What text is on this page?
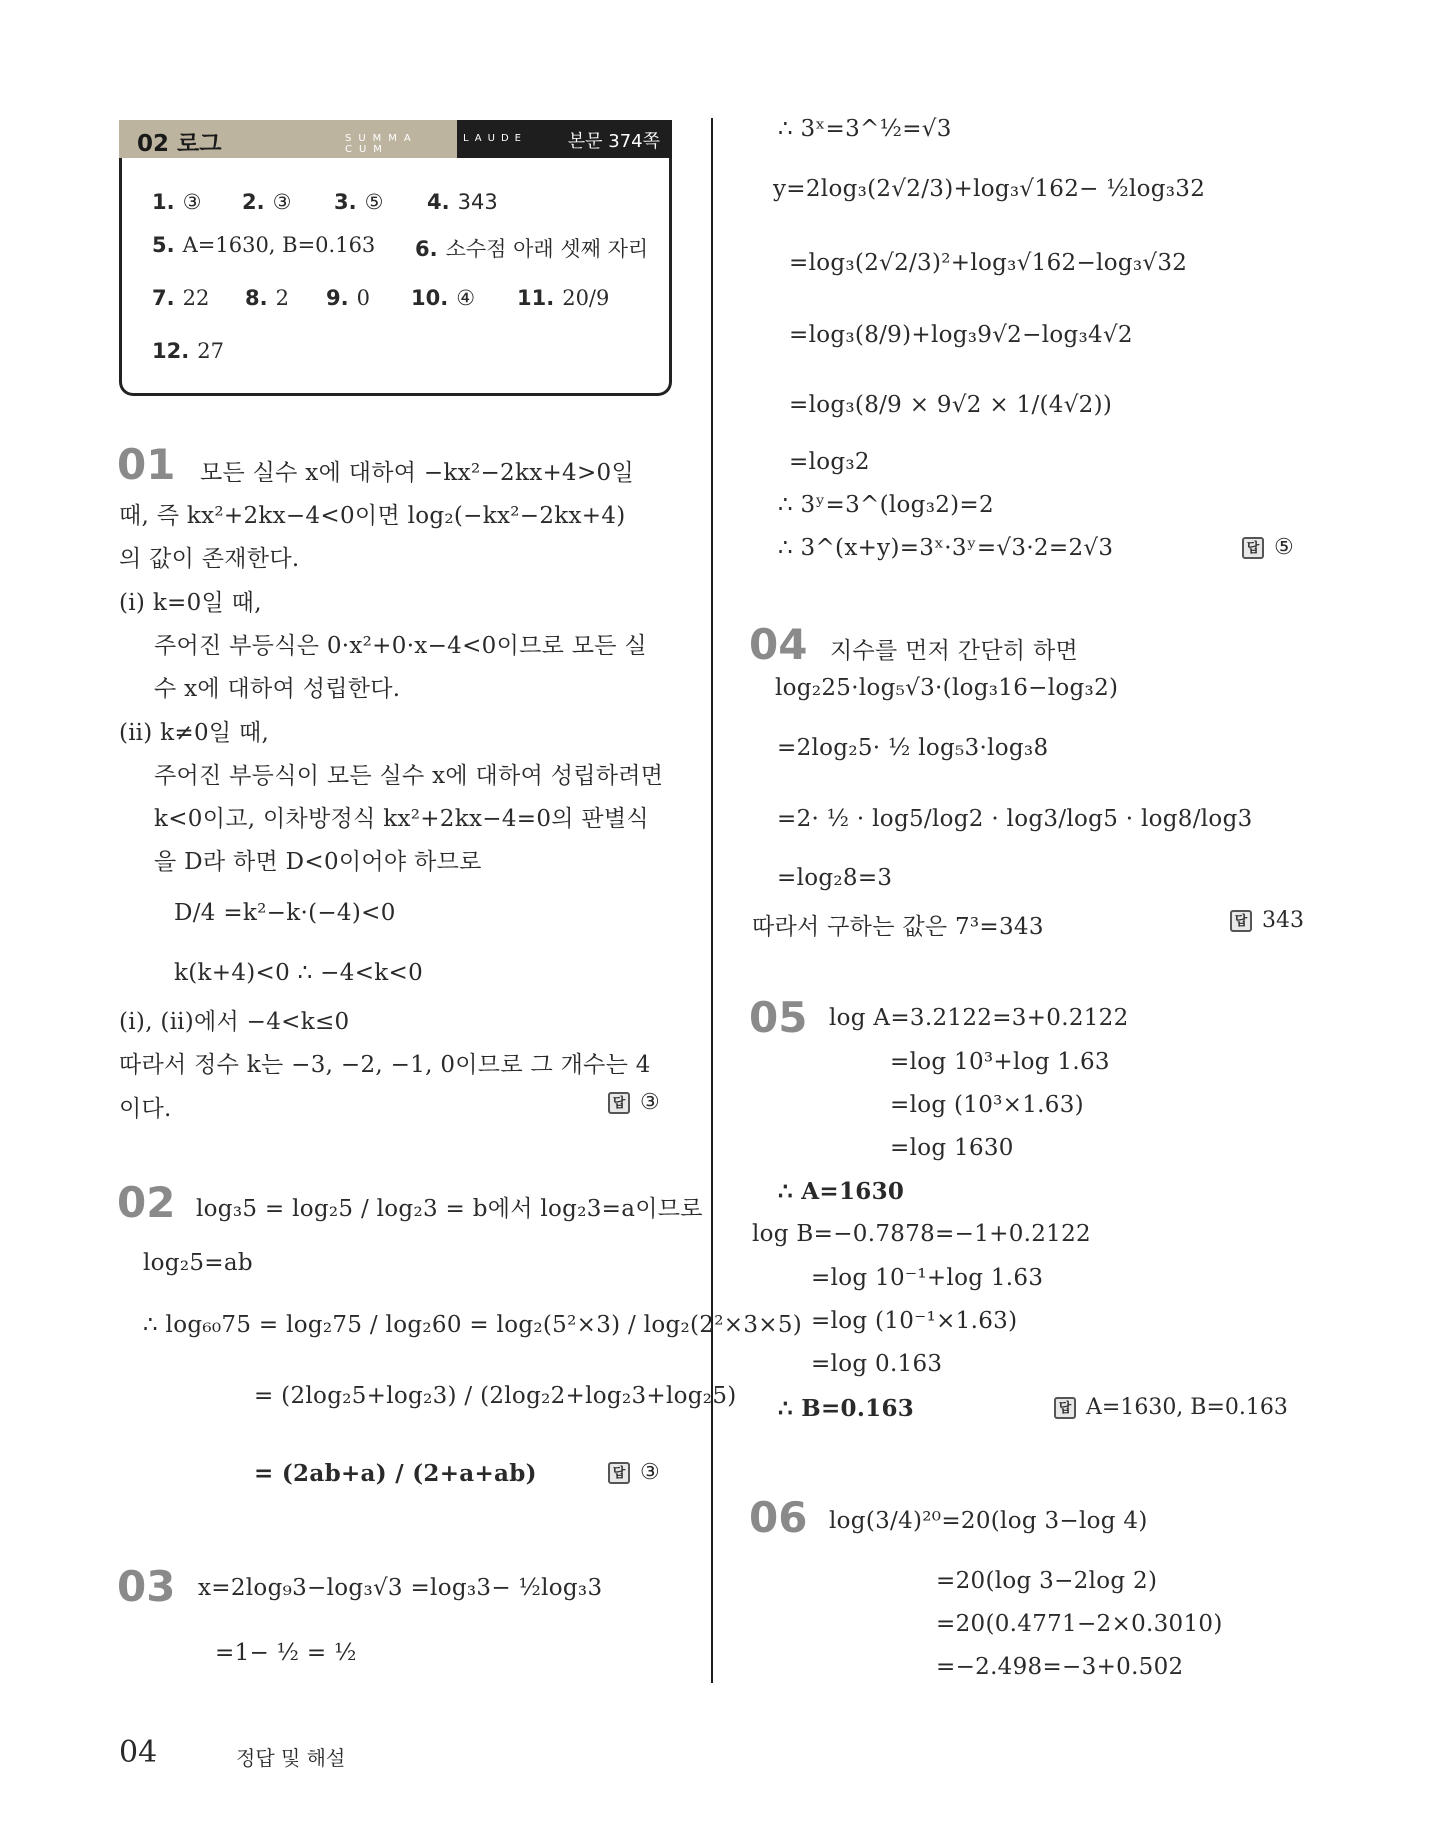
02 로그	SUMMA CUM
LAUDE 본문 374쪽
1. ③ 2. ③ 3. ⑤ 4. 343
5. A=1630, B=0.163 6. 소수점 아래 셋째 자리
7. 22 8. 2 9. 0 10. ④ 11. 20/9
12. 27
01 모든 실수 x에 대하여 −kx²−2kx+4>0일
때, 즉 kx²+2kx−4<0이면 log₂(−kx²−2kx+4)
의 값이 존재한다.
(ⅰ) k=0일 때,
주어진 부등식은 0·x²+0·x−4<0이므로 모든 실
수 x에 대하여 성립한다.
(ⅱ) k≠0일 때,
주어진 부등식이 모든 실수 x에 대하여 성립하려면
k<0이고, 이차방정식 kx²+2kx−4=0의 판별식
을 D라 하면 D<0이어야 하므로
D/4 =k²−k·(−4)<0
k(k+4)<0 ∴ −4<k<0
(ⅰ), (ⅱ)에서 −4<k≤0
따라서 정수 k는 −3, −2, −1, 0이므로 그 개수는 4
이다.	답 ③
02 log₃5 = log₂5 / log₂3 = b에서 log₂3=a이므로
log₂5=ab
∴ log₆₀75 = log₂75 / log₂60 = log₂(5²×3) / log₂(2²×3×5)
= (2log₂5+log₂3) / (2log₂2+log₂3+log₂5)
= (2ab+a) / (2+a+ab)	답 ③
03 x=2log₉3−log₃√3 =log₃3− ½log₃3
=1− ½ = ½
∴ 3ˣ=3^½=√3
y=2log₃(2√2/3)+log₃√162− ½log₃32
=log₃(2√2/3)²+log₃√162−log₃√32
=log₃(8/9)+log₃9√2−log₃4√2
=log₃(8/9 × 9√2 × 1/(4√2))
=log₃2
∴ 3ʸ=3^(log₃2)=2
∴ 3^(x+y)=3ˣ·3ʸ=√3·2=2√3	답 ⑤
04 지수를 먼저 간단히 하면
log₂25·log₅√3·(log₃16−log₃2)
=2log₂5· ½ log₅3·log₃8
=2· ½ · log5/log2 · log3/log5 · log8/log3
=log₂8=3
따라서 구하는 값은 7³=343	답 343
05 log A=3.2122=3+0.2122
=log 10³+log 1.63
=log (10³×1.63)
=log 1630
∴ A=1630
log B=−0.7878=−1+0.2122
=log 10⁻¹+log 1.63
=log (10⁻¹×1.63)
=log 0.163
∴ B=0.163	답 A=1630, B=0.163
06 log(3/4)²⁰=20(log 3−log 4)
=20(log 3−2log 2)
=20(0.4771−2×0.3010)
=−2.498=−3+0.502
04	정답 및 해설
